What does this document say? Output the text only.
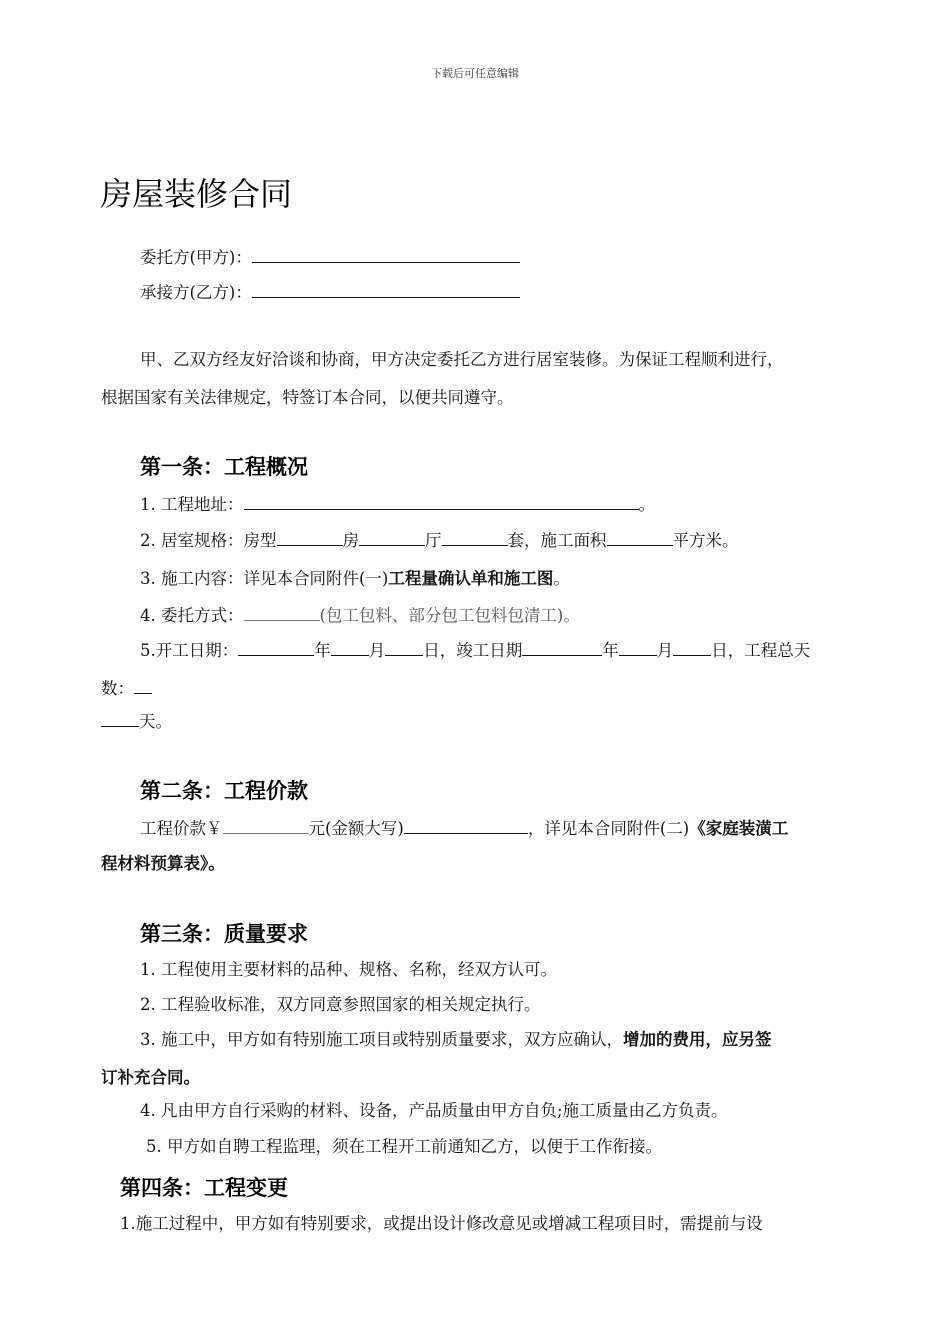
下载后可任意编辑
房屋装修合同
委托方(甲方)：
承接方(乙方)：
甲、乙双方经友好洽谈和协商，甲方决定委托乙方进行居室装修。为保证工程顺利进行，
根据国家有关法律规定，特签订本合同，以便共同遵守。
第一条：工程概况
1. 工程地址：	。
2. 居室规格：房型	房	厅	套，施工面积	平方米。
3. 施工内容：详见本合同附件(一)工程量确认单和施工图。
4. 委托方式：	(包工包料、部分包工包料包清工)。
5.开工日期：	年 月 日，竣工日期	年 月 日，工程总天
数：
天。
第二条：工程价款
工程价款￥	元(金额大写)	，详见本合同附件(二)《家庭装潢工
程材料预算表》。
第三条：质量要求
1. 工程使用主要材料的品种、规格、名称，经双方认可。
2. 工程验收标准，双方同意参照国家的相关规定执行。
3. 施工中，甲方如有特别施工项目或特别质量要求，双方应确认，增加的费用，应另签
订补充合同。
4. 凡由甲方自行采购的材料、设备，产品质量由甲方自负;施工质量由乙方负责。
5. 甲方如自聘工程监理，须在工程开工前通知乙方，以便于工作衔接。
第四条：工程变更
1.施工过程中，甲方如有特别要求，或提出设计修改意见或增减工程项目时，需提前与设
